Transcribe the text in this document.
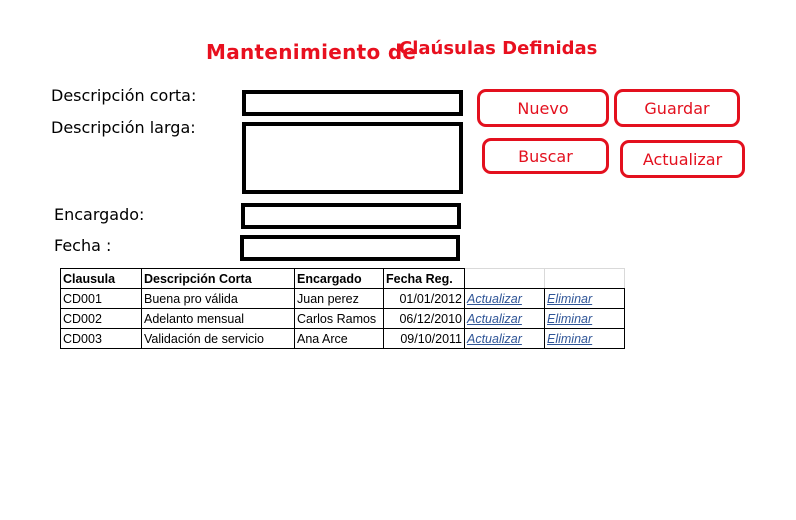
Mantenimiento de
Claúsulas Definidas
Descripción corta:
Descripción larga:
Encargado:
Fecha :
Nuevo	Guardar
Buscar	Actualizar
Clausula	Descripción Corta	Encargado	Fecha Reg.		
CD001	Buena pro válida	Juan perez	01/01/2012	Actualizar	Eliminar
CD002	Adelanto mensual	Carlos Ramos	06/12/2010	Actualizar	Eliminar
CD003	Validación de servicio	Ana Arce	09/10/2011	Actualizar	Eliminar
